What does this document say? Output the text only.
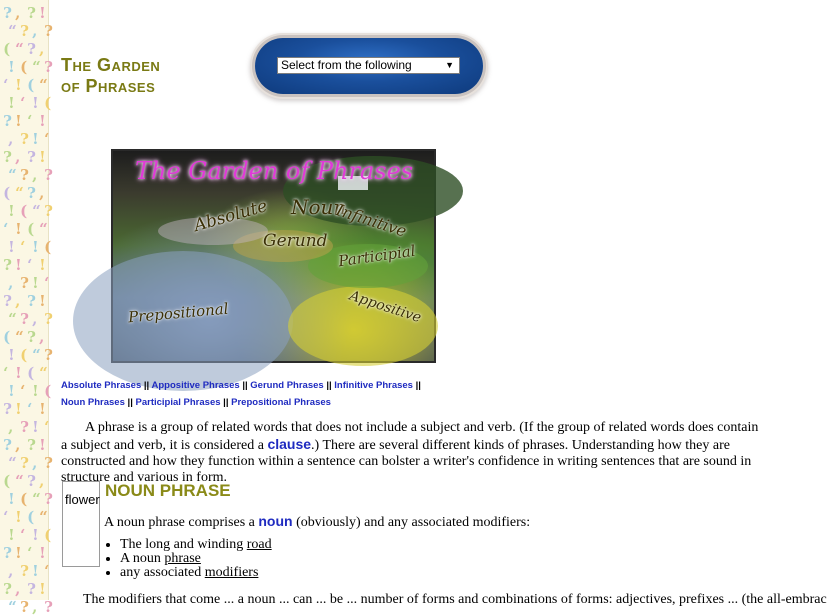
? , ? !
“ ? , ?
( “ ? ,
! ( “ ?
‘ ! ( “
! ‘ ! (
? ! ‘ !
, ? ! ‘
? , ? !
“ ? , ?
( “ ? ,
! ( “ ?
‘ ! ( “
! ‘ ! (
? ! ‘ !
, ? ! ‘
? , ? !
“ ? , ?
( “ ? ,
! ( “ ?
‘ ! ( “
! ‘ ! (
? ! ‘ !
, ? ! ‘
? , ? !
“ ? , ?
( “ ? ,
! ( “ ?
‘ ! ( “
! ‘ ! (
? ! ‘ !
, ? ! ‘
? , ? !
“ ? , ?
The Garden
of Phrases
Select from the following	▼
The Garden of Phrases
Absolute Noun
Infinitive
Gerund
Participial
Prepositional	Appositive
Absolute Phrases || Appositive Phrases || Gerund Phrases || Infinitive Phrases ||
Noun Phrases || Participial Phrases || Prepositional Phrases
A phrase is a group of related words that does not include a subject and verb. (If the group of related words does contain a subject and verb, it is considered a clause.) There are several different kinds of phrases. Understanding how they are constructed and how they function within a sentence can bolster a writer's confidence in writing sentences that are sound in structure and various in form.
flower NOUN PHRASE
A noun phrase comprises a noun (obviously) and any associated modifiers:
• The long and winding road
• A noun phrase
• any associated modifiers
The modifiers that come ... a noun ... can ... be ... number of forms and combinations of forms: adjectives, prefixes ... (the all-embrac
